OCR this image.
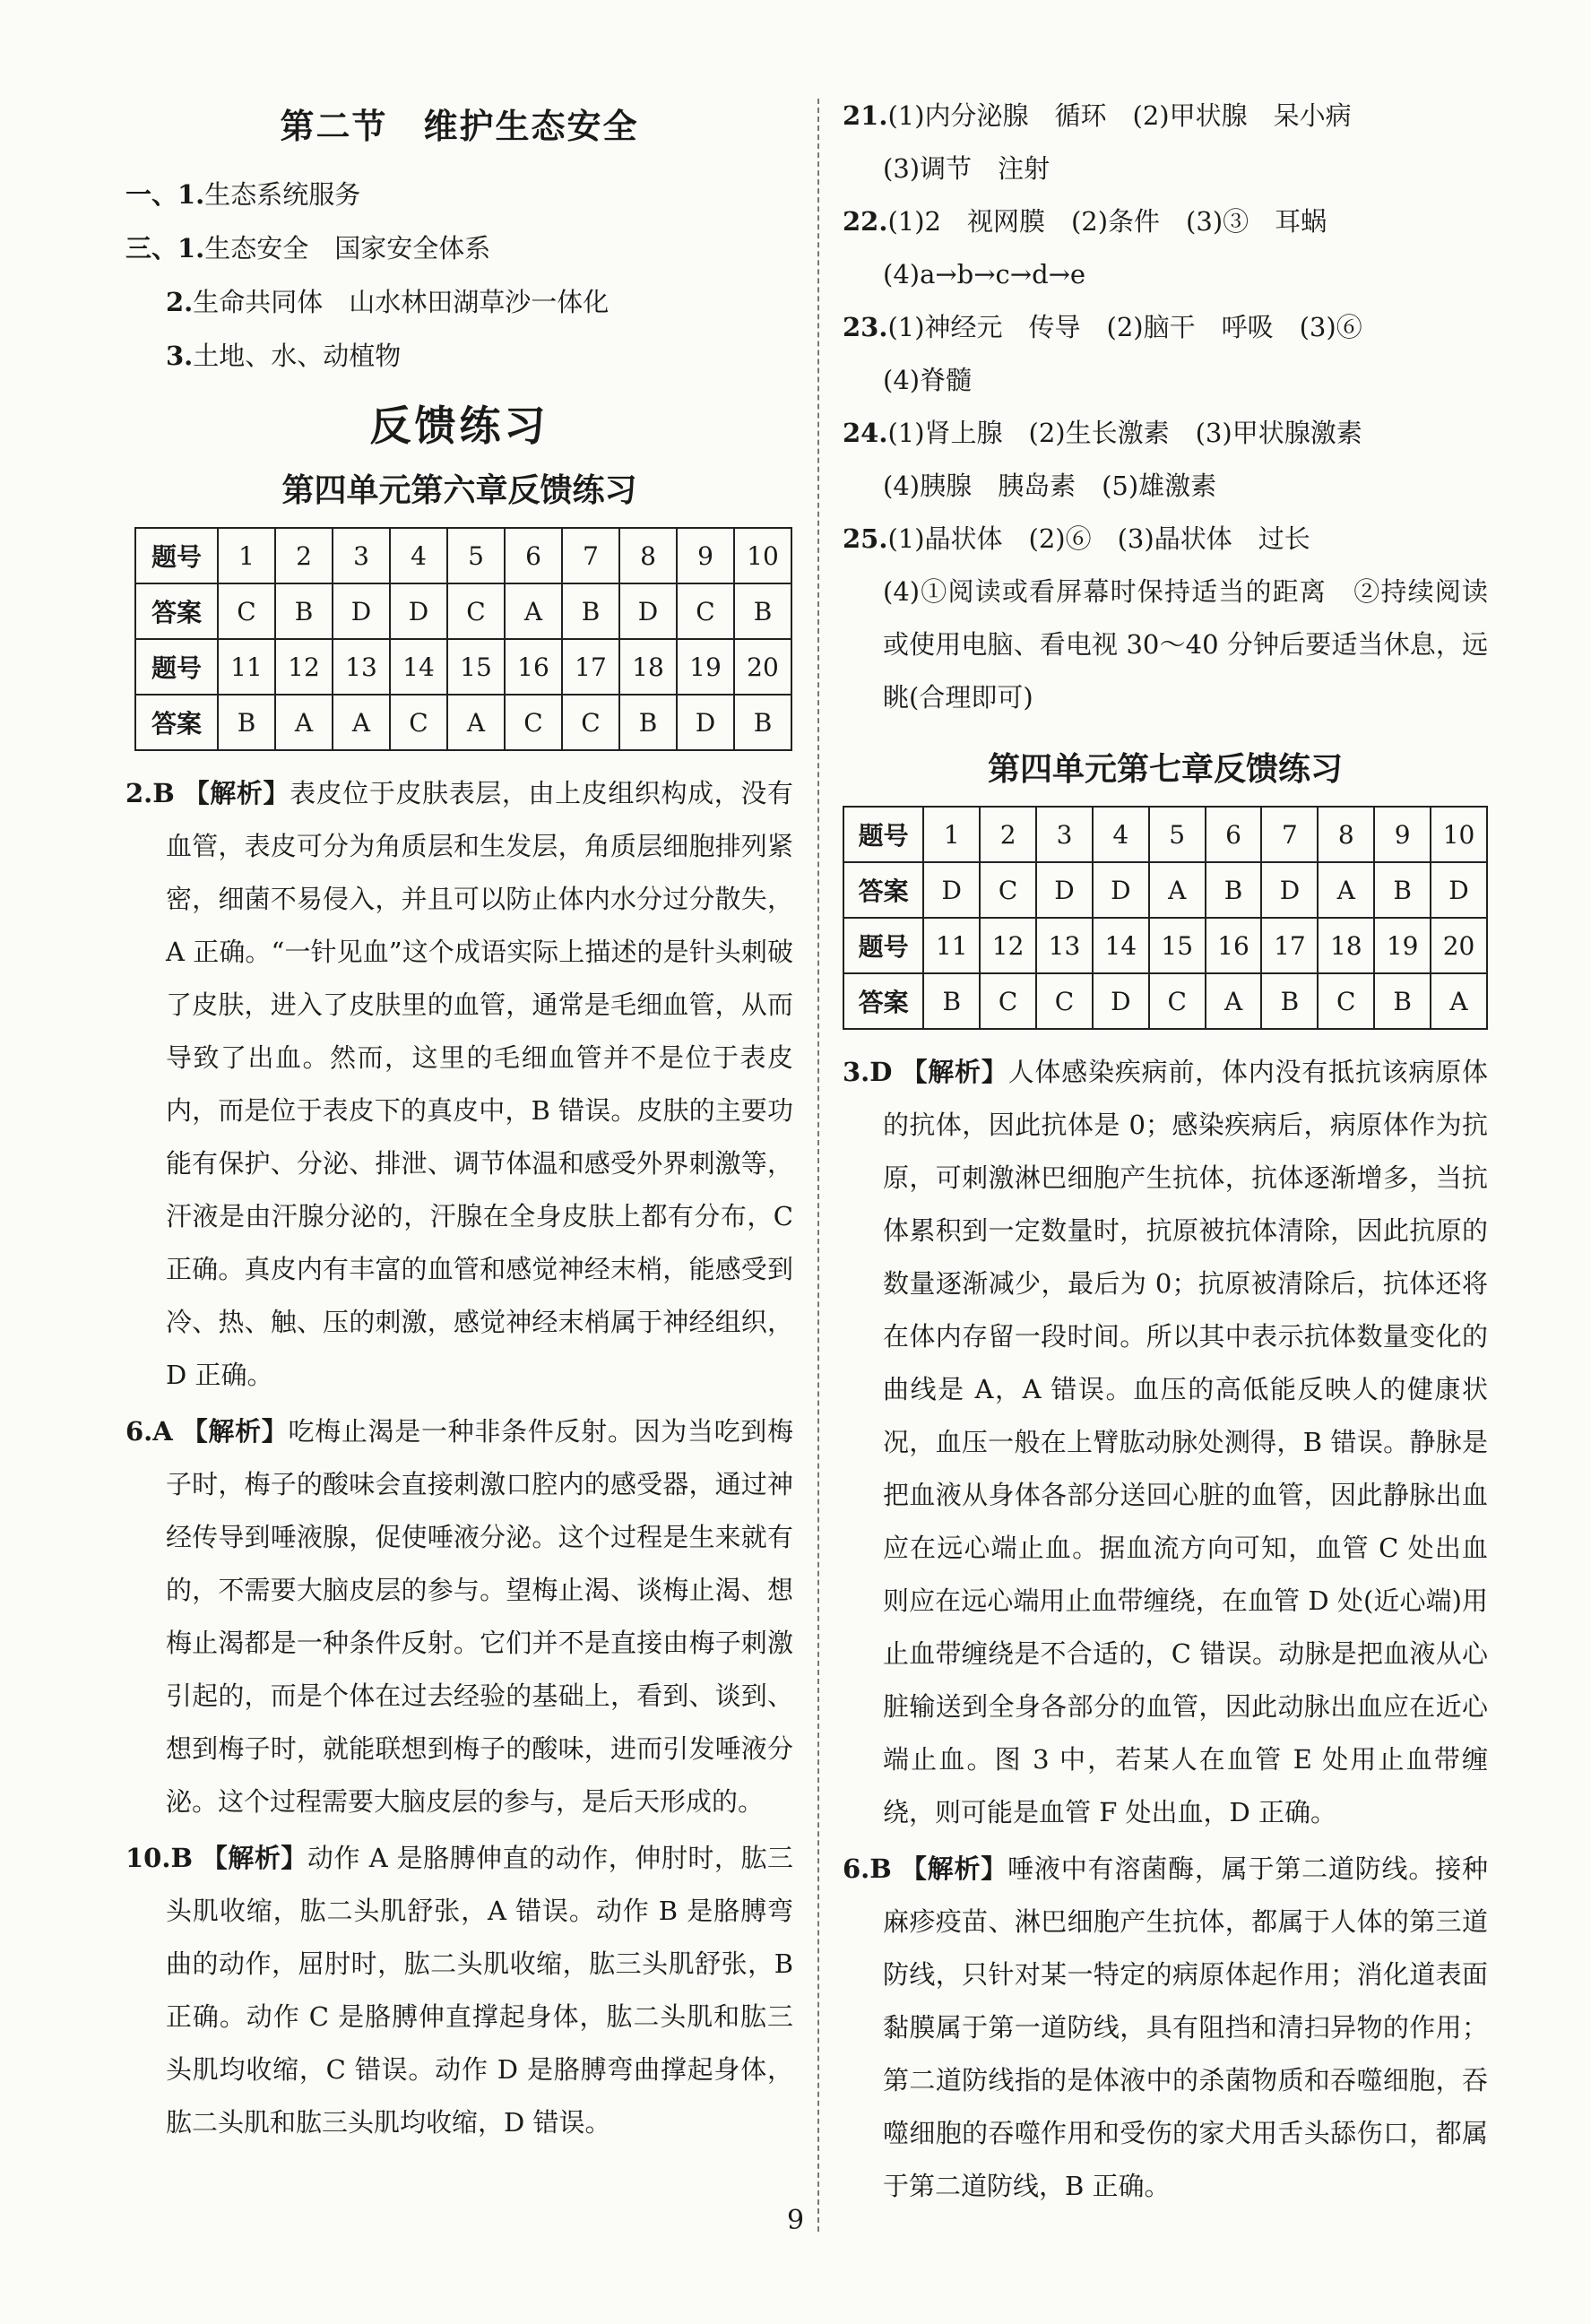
第二节　维护生态安全
一、1.生态系统服务
三、1.生态安全　国家安全体系
2.生命共同体　山水林田湖草沙一体化
3.土地、水、动植物
反馈练习
第四单元第六章反馈练习
题号	1	2	3	4	5	6	7	8	9	10
答案	C	B	D	D	C	A	B	D	C	B
题号	11	12	13	14	15	16	17	18	19	20
答案	B	A	A	C	A	C	C	B	D	B
2.B 【解析】表皮位于皮肤表层，由上皮组织构成，没有血管，表皮可分为角质层和生发层，角质层细胞排列紧密，细菌不易侵入，并且可以防止体内水分过分散失，A 正确。“一针见血”这个成语实际上描述的是针头刺破了皮肤，进入了皮肤里的血管，通常是毛细血管，从而导致了出血。然而，这里的毛细血管并不是位于表皮内，而是位于表皮下的真皮中，B 错误。皮肤的主要功能有保护、分泌、排泄、调节体温和感受外界刺激等，汗液是由汗腺分泌的，汗腺在全身皮肤上都有分布，C 正确。真皮内有丰富的血管和感觉神经末梢，能感受到冷、热、触、压的刺激，感觉神经末梢属于神经组织，D 正确。
6.A 【解析】吃梅止渴是一种非条件反射。因为当吃到梅子时，梅子的酸味会直接刺激口腔内的感受器，通过神经传导到唾液腺，促使唾液分泌。这个过程是生来就有的，不需要大脑皮层的参与。望梅止渴、谈梅止渴、想梅止渴都是一种条件反射。它们并不是直接由梅子刺激引起的，而是个体在过去经验的基础上，看到、谈到、想到梅子时，就能联想到梅子的酸味，进而引发唾液分泌。这个过程需要大脑皮层的参与，是后天形成的。
10.B 【解析】动作 A 是胳膊伸直的动作，伸肘时，肱三头肌收缩，肱二头肌舒张，A 错误。动作 B 是胳膊弯曲的动作，屈肘时，肱二头肌收缩，肱三头肌舒张，B 正确。动作 C 是胳膊伸直撑起身体，肱二头肌和肱三头肌均收缩，C 错误。动作 D 是胳膊弯曲撑起身体，肱二头肌和肱三头肌均收缩，D 错误。
21.(1)内分泌腺　循环　(2)甲状腺　呆小病
(3)调节　注射
22.(1)2　视网膜　(2)条件　(3)③　耳蜗
(4)a→b→c→d→e
23.(1)神经元　传导　(2)脑干　呼吸　(3)⑥
(4)脊髓
24.(1)肾上腺　(2)生长激素　(3)甲状腺激素
(4)胰腺　胰岛素　(5)雄激素
25.(1)晶状体　(2)⑥　(3)晶状体　过长
(4)①阅读或看屏幕时保持适当的距离　②持续阅读或使用电脑、看电视 30～40 分钟后要适当休息，远眺(合理即可)
第四单元第七章反馈练习
题号	1	2	3	4	5	6	7	8	9	10
答案	D	C	D	D	A	B	D	A	B	D
题号	11	12	13	14	15	16	17	18	19	20
答案	B	C	C	D	C	A	B	C	B	A
3.D 【解析】人体感染疾病前，体内没有抵抗该病原体的抗体，因此抗体是 0；感染疾病后，病原体作为抗原，可刺激淋巴细胞产生抗体，抗体逐渐增多，当抗体累积到一定数量时，抗原被抗体清除，因此抗原的数量逐渐减少，最后为 0；抗原被清除后，抗体还将在体内存留一段时间。所以其中表示抗体数量变化的曲线是 A，A 错误。血压的高低能反映人的健康状况，血压一般在上臂肱动脉处测得，B 错误。静脉是把血液从身体各部分送回心脏的血管，因此静脉出血应在远心端止血。据血流方向可知，血管 C 处出血则应在远心端用止血带缠绕，在血管 D 处(近心端)用止血带缠绕是不合适的，C 错误。动脉是把血液从心脏输送到全身各部分的血管，因此动脉出血应在近心端止血。图 3 中，若某人在血管 E 处用止血带缠绕，则可能是血管 F 处出血，D 正确。
6.B 【解析】唾液中有溶菌酶，属于第二道防线。接种麻疹疫苗、淋巴细胞产生抗体，都属于人体的第三道防线，只针对某一特定的病原体起作用；消化道表面黏膜属于第一道防线，具有阻挡和清扫异物的作用；第二道防线指的是体液中的杀菌物质和吞噬细胞，吞噬细胞的吞噬作用和受伤的家犬用舌头舔伤口，都属于第二道防线，B 正确。
9
